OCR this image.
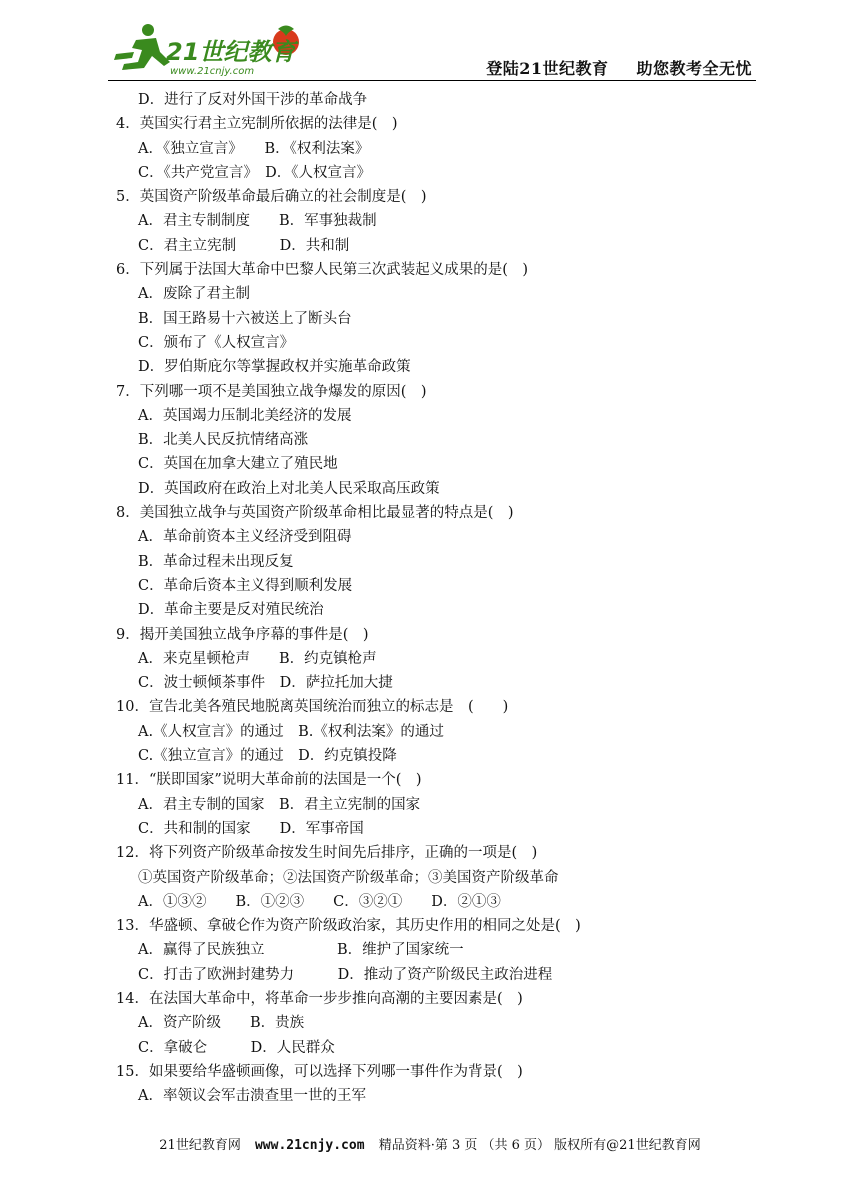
21世纪教育
www.21cnjy.com	登陆21世纪教育 助您教考全无忧
D．进行了反对外国干涉的革命战争
4．英国实行君主立宪制所依据的法律是(　)
A．《独立宣言》　　B．《权利法案》
C．《共产党宣言》　D．《人权宣言》
5．英国资产阶级革命最后确立的社会制度是(　)
A．君主专制制度　　B．军事独裁制
C．君主立宪制　　　D．共和制
6．下列属于法国大革命中巴黎人民第三次武装起义成果的是(　)
A．废除了君主制
B．国王路易十六被送上了断头台
C．颁布了《人权宣言》
D．罗伯斯庇尔等掌握政权并实施革命政策
7．下列哪一项不是美国独立战争爆发的原因(　)
A．英国竭力压制北美经济的发展
B．北美人民反抗情绪高涨
C．英国在加拿大建立了殖民地
D．英国政府在政治上对北美人民采取高压政策
8．美国独立战争与英国资产阶级革命相比最显著的特点是(　)
A．革命前资本主义经济受到阻碍
B．革命过程未出现反复
C．革命后资本主义得到顺利发展
D．革命主要是反对殖民统治
9．揭开美国独立战争序幕的事件是(　)
A．来克星顿枪声　　B．约克镇枪声
C．波士顿倾茶事件　D．萨拉托加大捷
10．宣告北美各殖民地脱离英国统治而独立的标志是　(　　)
A.《人权宣言》的通过　B.《权利法案》的通过
C.《独立宣言》的通过　D．约克镇投降
11．“朕即国家”说明大革命前的法国是一个(　)
A．君主专制的国家　B．君主立宪制的国家
C．共和制的国家　　D．军事帝国
12．将下列资产阶级革命按发生时间先后排序，正确的一项是(　)
①英国资产阶级革命；②法国资产阶级革命；③美国资产阶级革命
A．①③②　　B．①②③　　C．③②①　　D．②①③
13．华盛顿、拿破仑作为资产阶级政治家，其历史作用的相同之处是(　)
A．赢得了民族独立　　　　　B．维护了国家统一
C．打击了欧洲封建势力　　　D．推动了资产阶级民主政治进程
14．在法国大革命中，将革命一步步推向高潮的主要因素是(　)
A．资产阶级　　B．贵族
C．拿破仑　　　D．人民群众
15．如果要给华盛顿画像，可以选择下列哪一事件作为背景(　)
A．率领议会军击溃查里一世的王军
21世纪教育网 www.21cnjy.com 精品资料·第 3 页 （共 6 页） 版权所有@21世纪教育网
